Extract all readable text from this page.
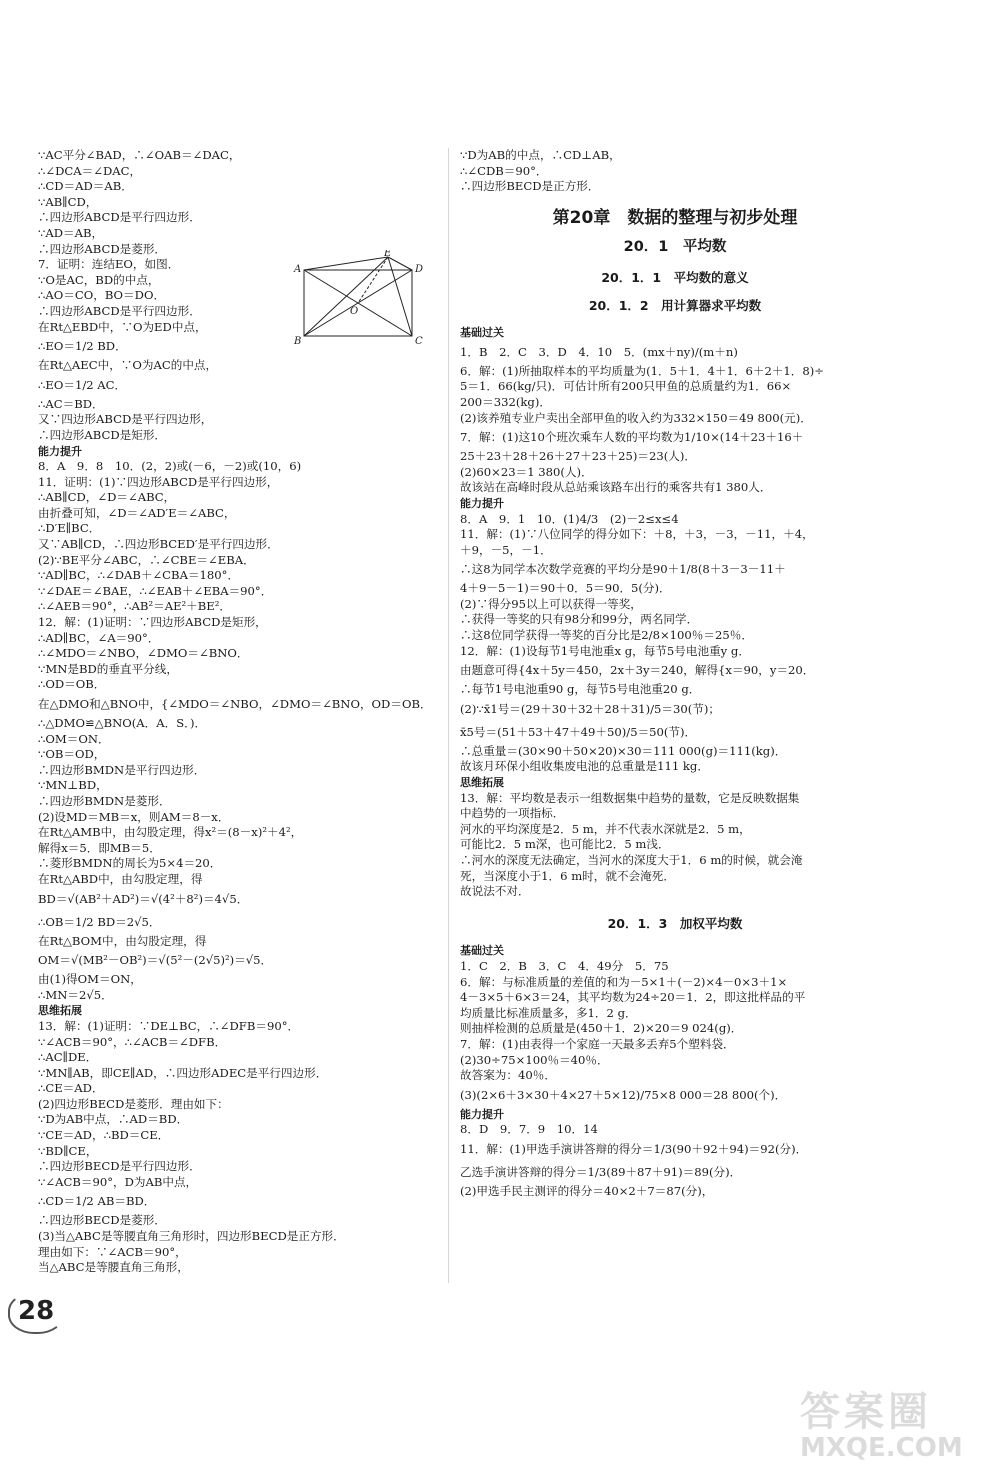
∵AC平分∠BAD，∴∠OAB＝∠DAC，
∴∠DCA＝∠DAC，
∴CD＝AD＝AB．
∵AB∥CD，
∴四边形ABCD是平行四边形．
∵AD＝AB，
∴四边形ABCD是菱形．
7．证明：连结EO，如图．
∵O是AC，BD的中点，
∴AO＝CO，BO＝DO．
∴四边形ABCD是平行四边形．
在Rt△EBD中，∵O为ED中点，
∴EO＝1/2 BD．
在Rt△AEC中，∵O为AC的中点，
∴EO＝1/2 AC．
∴AC＝BD．
又∵四边形ABCD是平行四边形，
∴四边形ABCD是矩形．
能力提升
8．A　9．8　10．(2，2)或(－6，－2)或(10，6)
11．证明：(1)∵四边形ABCD是平行四边形，
∴AB∥CD，∠D＝∠ABC，
由折叠可知，∠D＝∠AD′E＝∠ABC，
∴D′E∥BC．
又∵AB∥CD，∴四边形BCED′是平行四边形．
(2)∵BE平分∠ABC，∴∠CBE＝∠EBA．
∵AD∥BC，∴∠DAB＋∠CBA＝180°．
∵∠DAE＝∠BAE，∴∠EAB＋∠EBA＝90°．
∴∠AEB＝90°，∴AB²＝AE²＋BE²．
12．解：(1)证明：∵四边形ABCD是矩形，
∴AD∥BC，∠A＝90°．
∴∠MDO＝∠NBO，∠DMO＝∠BNO．
∵MN是BD的垂直平分线，
∴OD＝OB．
在△DMO和△BNO中，{∠MDO＝∠NBO，∠DMO＝∠BNO，OD＝OB．
∴△DMO≌△BNO(A．A．S．)．
∴OM＝ON．
∵OB＝OD，
∴四边形BMDN是平行四边形．
∵MN⊥BD，
∴四边形BMDN是菱形．
(2)设MD＝MB＝x，则AM＝8－x．
在Rt△AMB中，由勾股定理，得x²＝(8－x)²＋4²，
解得x＝5．即MB＝5．
∴菱形BMDN的周长为5×4＝20．
在Rt△ABD中，由勾股定理，得
BD＝√(AB²＋AD²)＝√(4²＋8²)＝4√5．
∴OB＝1/2 BD＝2√5．
在Rt△BOM中，由勾股定理，得
OM＝√(MB²－OB²)＝√(5²－(2√5)²)＝√5．
由(1)得OM＝ON，
∴MN＝2√5．
思维拓展
13．解：(1)证明：∵DE⊥BC，∴∠DFB＝90°．
∵∠ACB＝90°，∴∠ACB＝∠DFB．
∴AC∥DE．
∵MN∥AB，即CE∥AD，∴四边形ADEC是平行四边形．
∴CE＝AD．
(2)四边形BECD是菱形．理由如下：
∵D为AB中点，∴AD＝BD．
∵CE＝AD，∴BD＝CE．
∵BD∥CE，
∴四边形BECD是平行四边形．
∵∠ACB＝90°，D为AB中点，
∴CD＝1/2 AB＝BD．
∴四边形BECD是菱形．
(3)当△ABC是等腰直角三角形时，四边形BECD是正方形．
理由如下：∵∠ACB＝90°，
当△ABC是等腰直角三角形，
A
E
D
O
B	C
∵D为AB的中点，∴CD⊥AB，
∴∠CDB＝90°．
∴四边形BECD是正方形．
第20章　数据的整理与初步处理
20．1　平均数
20．1．1　平均数的意义
20．1．2　用计算器求平均数
基础过关
1．B　2．C　3．D　4．10　5．(mx＋ny)/(m＋n)
6．解：(1)所抽取样本的平均质量为(1．5＋1．4＋1．6＋2＋1．8)÷
5＝1．66(kg/只)．可估计所有200只甲鱼的总质量约为1．66×
200＝332(kg)．
(2)该养殖专业户卖出全部甲鱼的收入约为332×150＝49 800(元)．
7．解：(1)这10个班次乘车人数的平均数为1/10×(14＋23＋16＋
25＋23＋28＋26＋27＋23＋25)＝23(人)．
(2)60×23＝1 380(人)．
故该站在高峰时段从总站乘该路车出行的乘客共有1 380人．
能力提升
8．A　9．1　10．(1)4/3　(2)－2≤x≤4
11．解：(1)∵八位同学的得分如下：＋8，＋3，－3，－11，＋4，
＋9，－5，－1．
∴这8为同学本次数学竞赛的平均分是90＋1/8(8＋3－3－11＋
4＋9－5－1)＝90＋0．5＝90．5(分)．
(2)∵得分95以上可以获得一等奖，
∴获得一等奖的只有98分和99分，两名同学．
∴这8位同学获得一等奖的百分比是2/8×100％＝25％．
12．解：(1)设每节1号电池重x g，每节5号电池重y g．
由题意可得{4x＋5y＝450，2x＋3y＝240，解得{x＝90，y＝20．
∴每节1号电池重90 g，每节5号电池重20 g．
(2)∵x̄1号＝(29＋30＋32＋28＋31)/5＝30(节)；
x̄5号＝(51＋53＋47＋49＋50)/5＝50(节)．
∴总重量＝(30×90＋50×20)×30＝111 000(g)＝111(kg)．
故该月环保小组收集废电池的总重量是111 kg．
思维拓展
13．解：平均数是表示一组数据集中趋势的量数，它是反映数据集
中趋势的一项指标．
河水的平均深度是2．5 m，并不代表水深就是2．5 m，
可能比2．5 m深，也可能比2．5 m浅．
∴河水的深度无法确定，当河水的深度大于1．6 m的时候，就会淹
死，当深度小于1．6 m时，就不会淹死．
故说法不对．
20．1．3　加权平均数
基础过关
1．C　2．B　3．C　4．49分　5．75
6．解：与标准质量的差值的和为－5×1＋(－2)×4－0×3＋1×
4－3×5＋6×3＝24，其平均数为24÷20＝1．2，即这批样品的平
均质量比标准质量多，多1．2 g．
则抽样检测的总质量是(450＋1．2)×20＝9 024(g)．
7．解：(1)由表得一个家庭一天最多丢弃5个塑料袋．
(2)30÷75×100％＝40％．
故答案为：40％．
(3)(2×6＋3×30＋4×27＋5×12)/75×8 000＝28 800(个)．
能力提升
8．D　9．7．9　10．14
11．解：(1)甲选手演讲答辩的得分＝1/3(90＋92＋94)＝92(分)．
乙选手演讲答辩的得分＝1/3(89＋87＋91)＝89(分)．
(2)甲选手民主测评的得分＝40×2＋7＝87(分)，
28
答案圈
MXQE.COM
